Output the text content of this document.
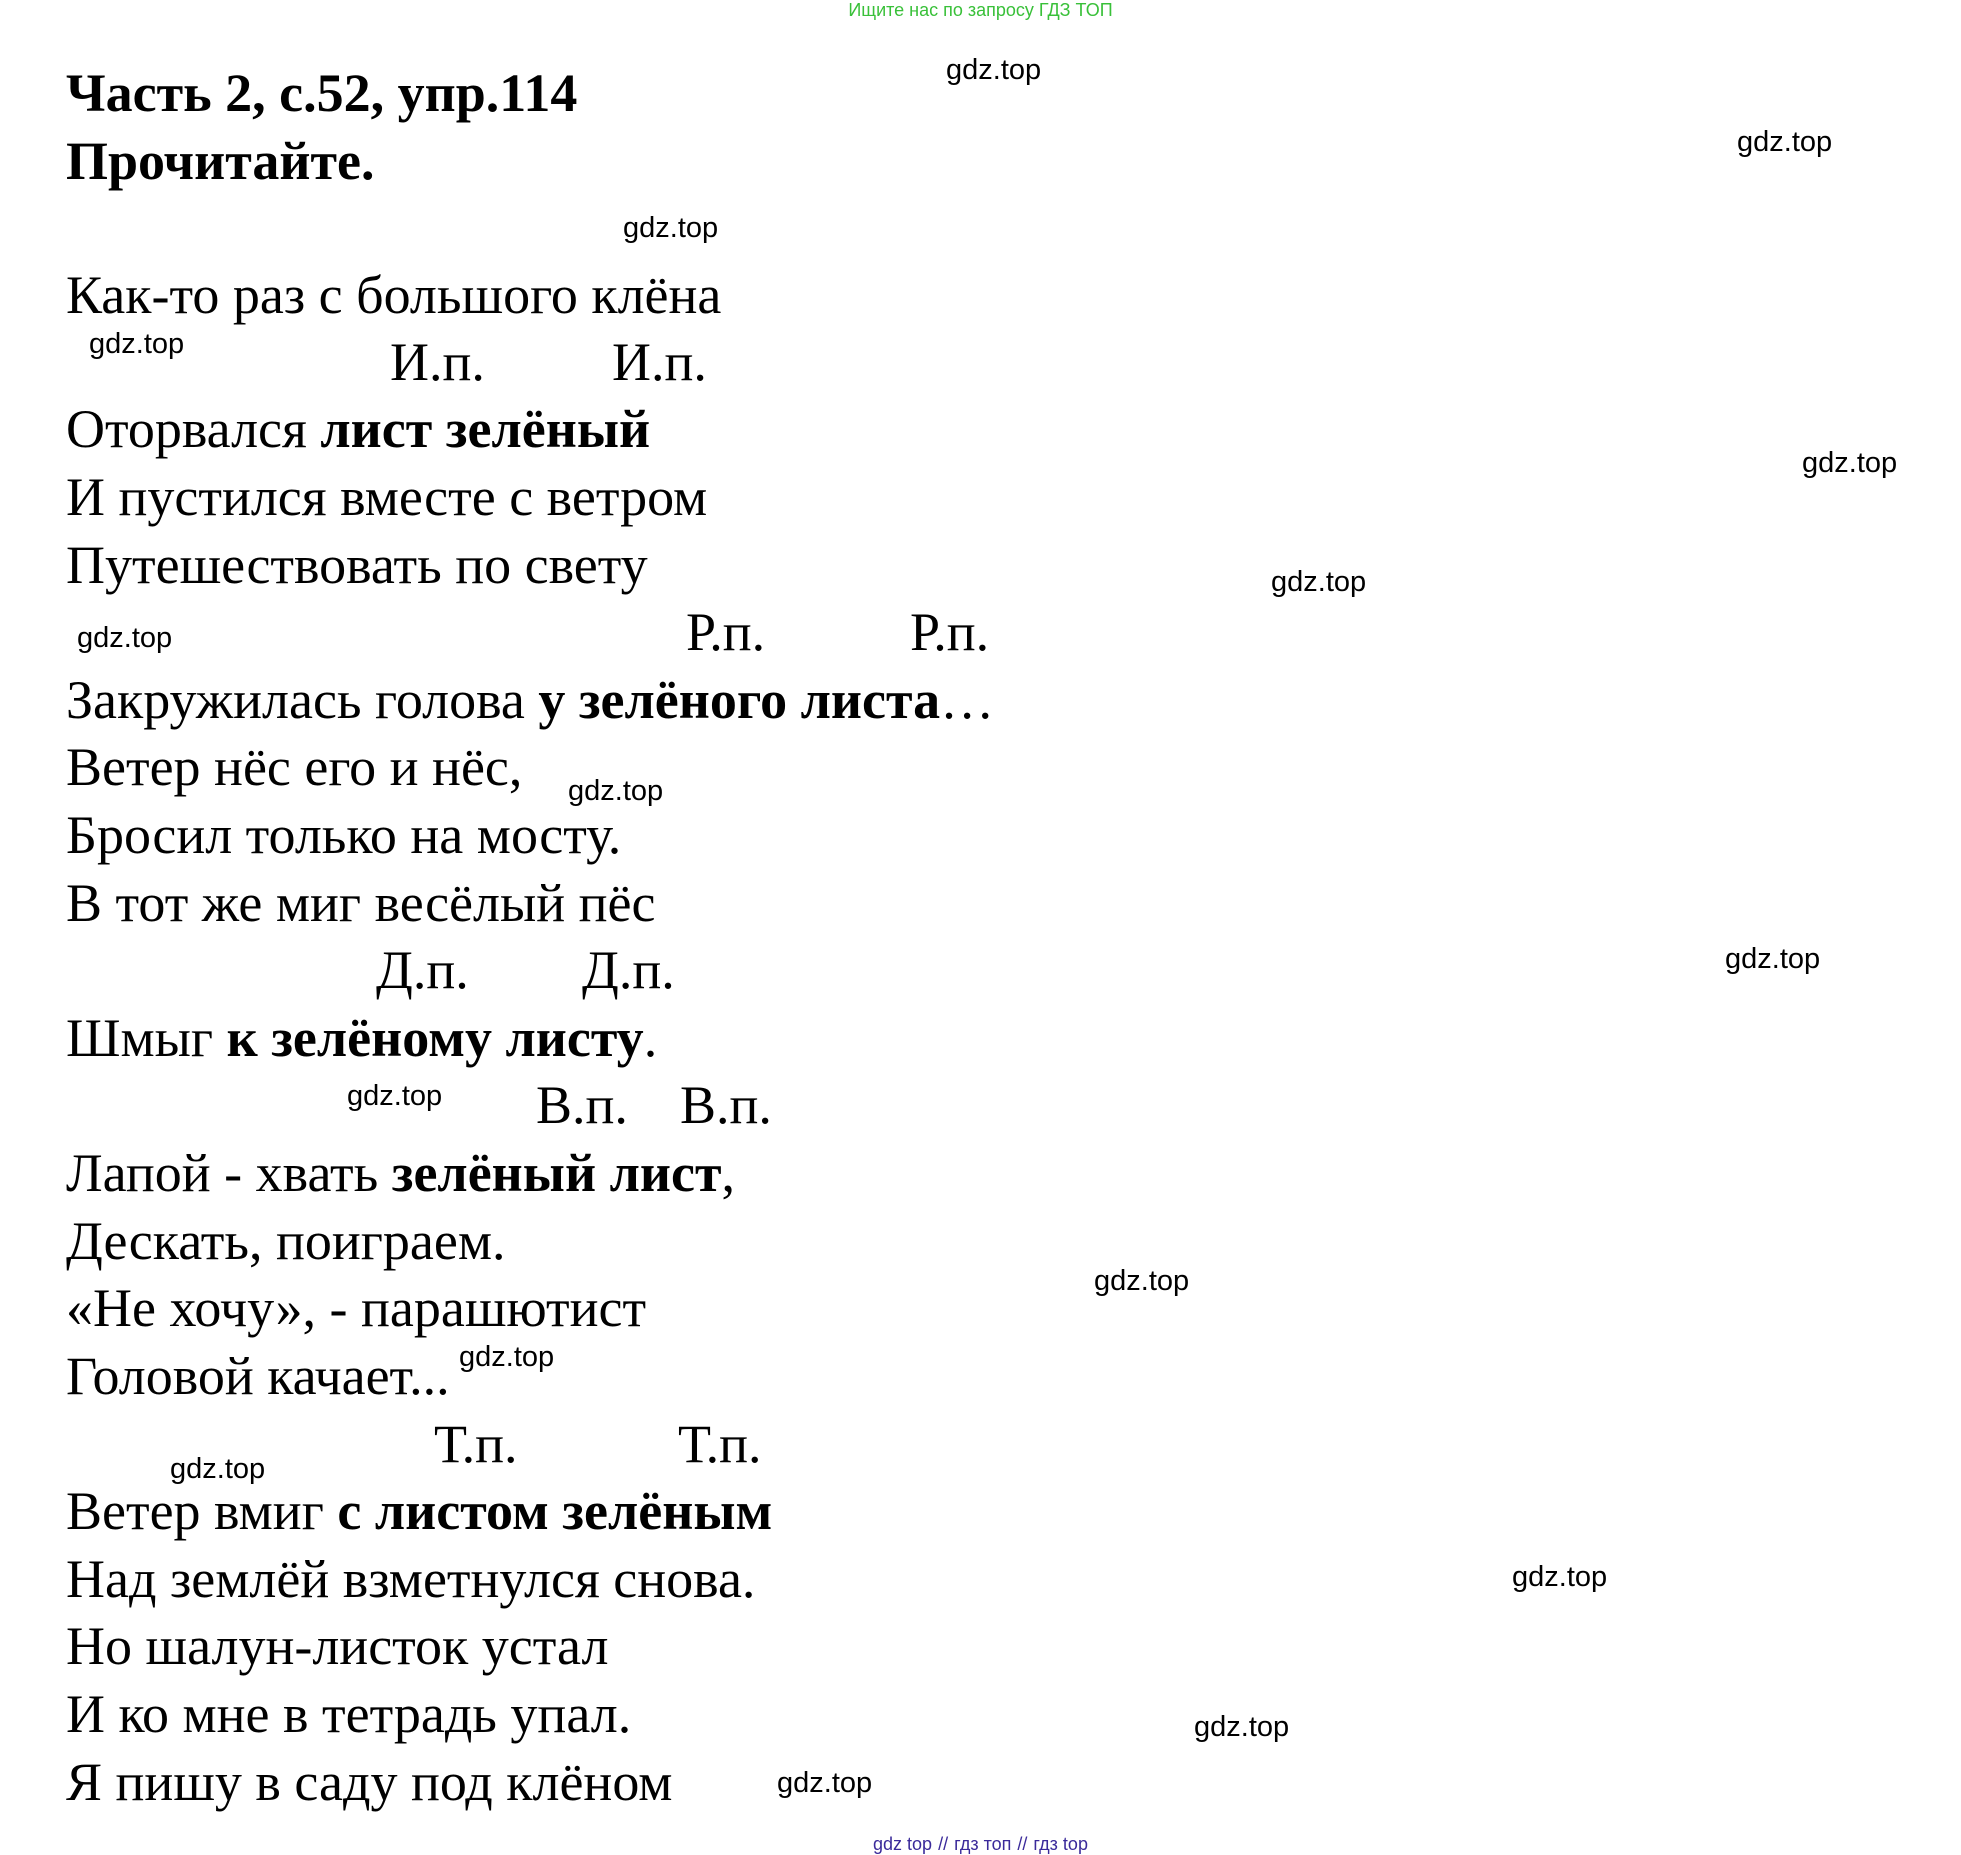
Ищите нас по запросу ГДЗ ТОП

Часть 2, с.52, упр.114
Прочитайте.

Как-то раз с большого клёна

И.п. И.п.

Оторвался лист зелёный

И пустился вместе с ветром

Путешествовать по свету

Р.п.	Р.п.

Закружилась голова у зелёного листа…

Ветер нёс его и нёс,

Бросил только на мосту.

В тот же миг весёлый пёс

Д.п. Д.п.

Шмыг к зелёному листу.

В.п. В.п.

Лапой - хвать зелёный лист,

Дескать, поиграем.

«Не хочу», - парашютист

Головой качает...

Т.п.	Т.п.

Ветер вмиг с листом зелёным

Над землёй взметнулся снова.

Но шалун-листок устал

И ко мне в тетрадь упал.

Я пишу в саду под клёном

gdz.top
gdz.top
gdz.top
gdz.top
gdz.top
gdz.top
gdz.top
gdz.top
gdz.top
gdz.top
gdz.top
gdz.top
gdz.top
gdz.top
gdz.top
gdz.top
gdz top // гдз топ // гдз top
